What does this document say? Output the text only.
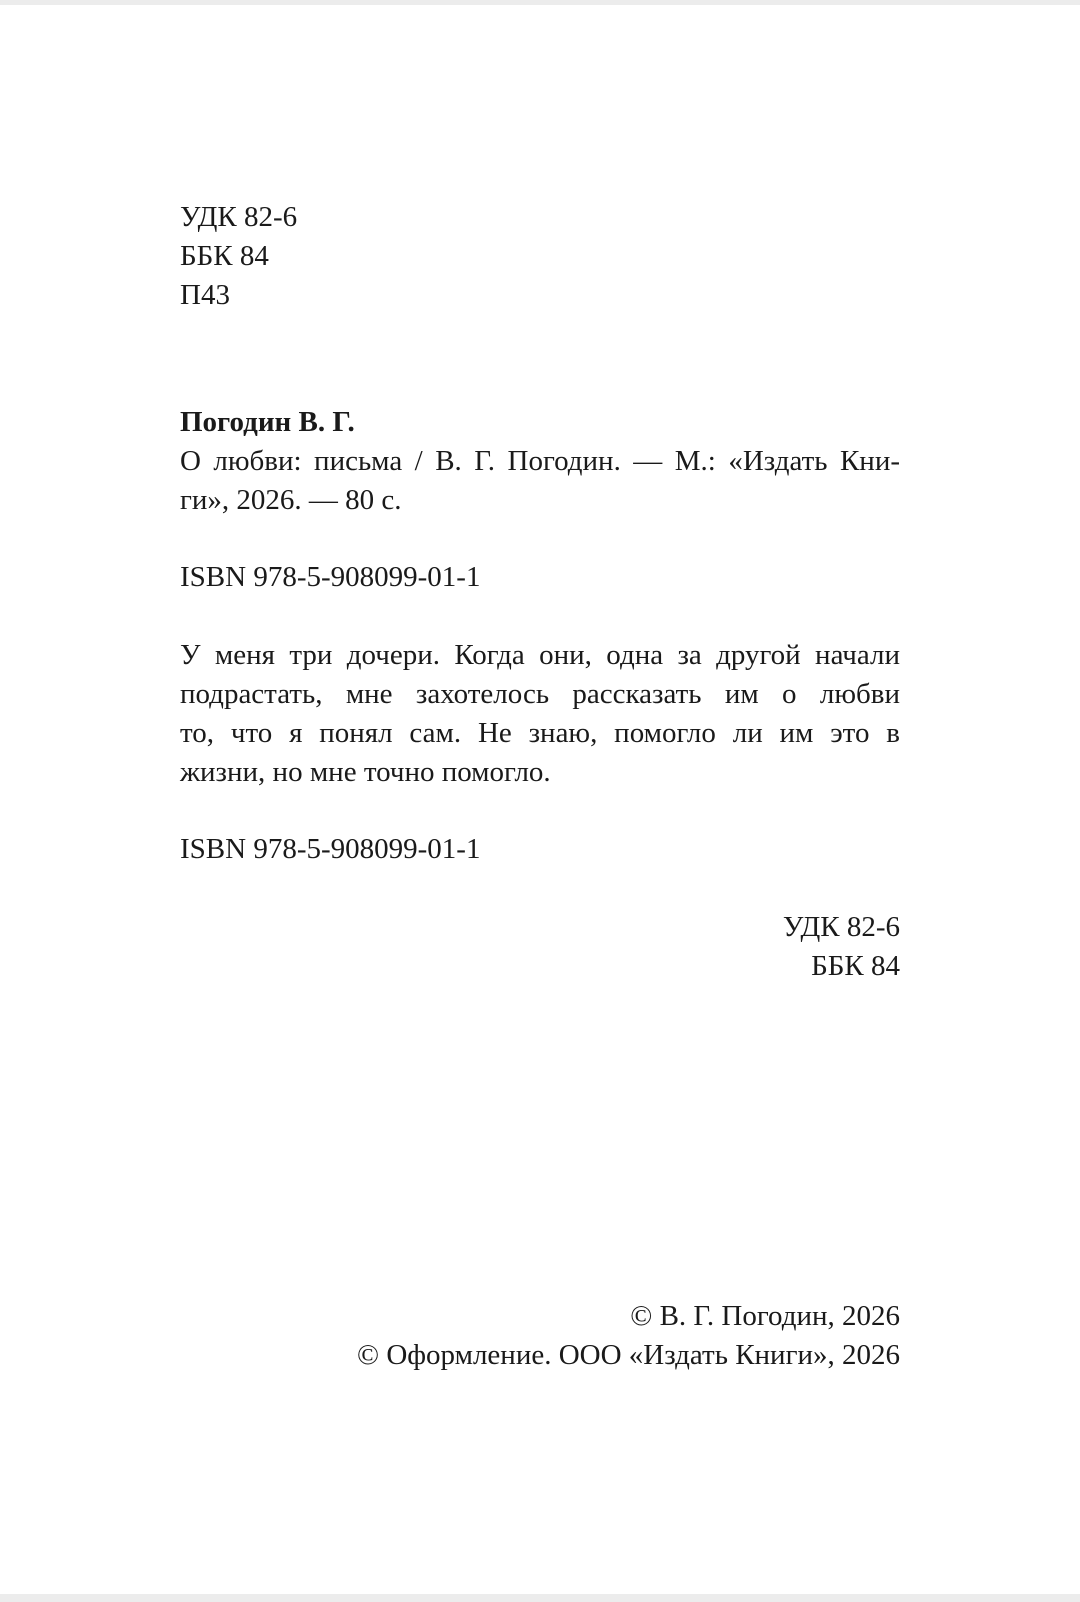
УДК 82-6
ББК 84
П43
Погодин В. Г.
О любви: письма / В. Г. Погодин. — М.: «Издать Кни-
ги», 2026. — 80 с.
ISBN 978-5-908099-01-1
У меня три дочери. Когда они, одна за другой начали
подрастать, мне захотелось рассказать им о любви
то, что я понял сам. Не знаю, помогло ли им это в
жизни, но мне точно помогло.
ISBN 978-5-908099-01-1
УДК 82-6
ББК 84
© В. Г. Погодин, 2026
© Оформление. ООО «Издать Книги», 2026
